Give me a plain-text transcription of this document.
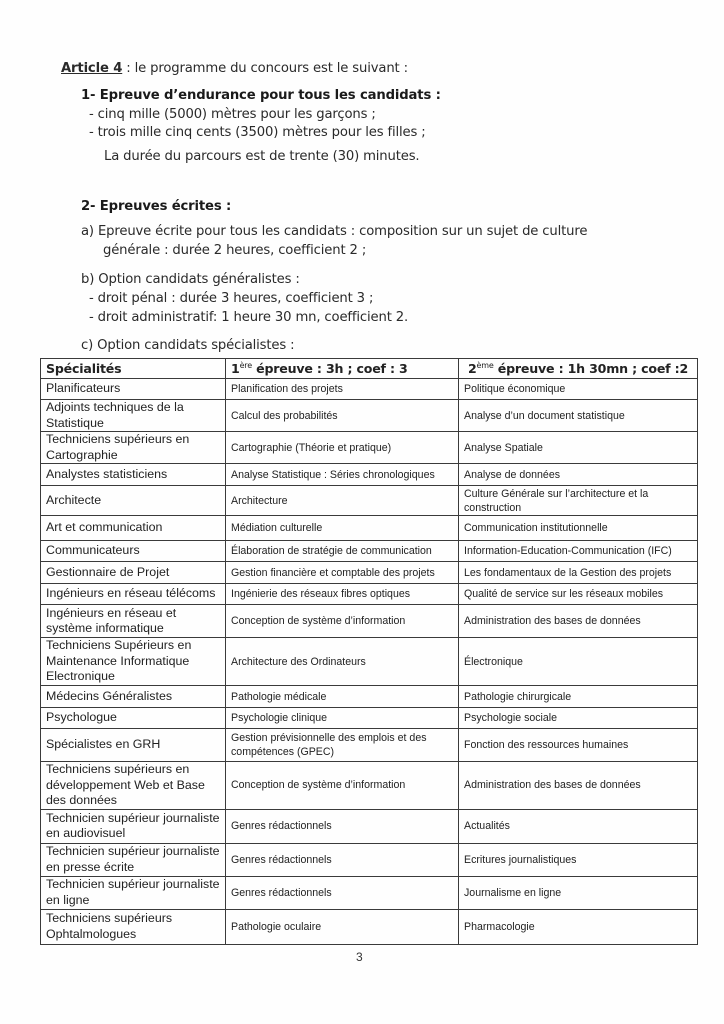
Article 4 : le programme du concours est le suivant :
1- Epreuve d’endurance pour tous les candidats :
- cinq mille (5000) mètres pour les garçons ;
- trois mille cinq cents (3500) mètres pour les filles ;
La durée du parcours est de trente (30) minutes.
2- Epreuves écrites :
a) Epreuve écrite pour tous les candidats : composition sur un sujet de culture
générale : durée 2 heures, coefficient 2 ;
b) Option candidats généralistes :
- droit pénal : durée 3 heures, coefficient 3 ;
- droit administratif: 1 heure 30 mn, coefficient 2.
c) Option candidats spécialistes :
Spécialités	1ère épreuve : 3h ; coef : 3	2ème épreuve : 1h 30mn ; coef :2
Planificateurs	Planification des projets	Politique économique
Adjoints techniques de la Statistique	Calcul des probabilités	Analyse d’un document statistique
Techniciens supérieurs en Cartographie	Cartographie (Théorie et pratique)	Analyse Spatiale
Analystes statisticiens	Analyse Statistique : Séries chronologiques	Analyse de données
Architecte	Architecture	Culture Générale sur l’architecture et la construction
Art et communication	Médiation culturelle	Communication institutionnelle
Communicateurs	Élaboration de stratégie de communication	Information-Education-Communication (IFC)
Gestionnaire de Projet	Gestion financière et comptable des projets	Les fondamentaux de la Gestion des projets
Ingénieurs en réseau télécoms	Ingénierie des réseaux fibres optiques	Qualité de service sur les réseaux mobiles
Ingénieurs en réseau et système informatique	Conception de système d’information	Administration des bases de données
Techniciens Supérieurs en Maintenance Informatique Electronique	Architecture des Ordinateurs	Électronique
Médecins Généralistes	Pathologie médicale	Pathologie chirurgicale
Psychologue	Psychologie clinique	Psychologie sociale
Spécialistes en GRH	Gestion prévisionnelle des emplois et des compétences (GPEC)	Fonction des ressources humaines
Techniciens supérieurs en développement Web et Base des données	Conception de système d’information	Administration des bases de données
Technicien supérieur journaliste en audiovisuel	Genres rédactionnels	Actualités
Technicien supérieur journaliste en presse écrite	Genres rédactionnels	Ecritures journalistiques
Technicien supérieur journaliste en ligne	Genres rédactionnels	Journalisme en ligne
Techniciens supérieurs Ophtalmologues	Pathologie oculaire	Pharmacologie
3
